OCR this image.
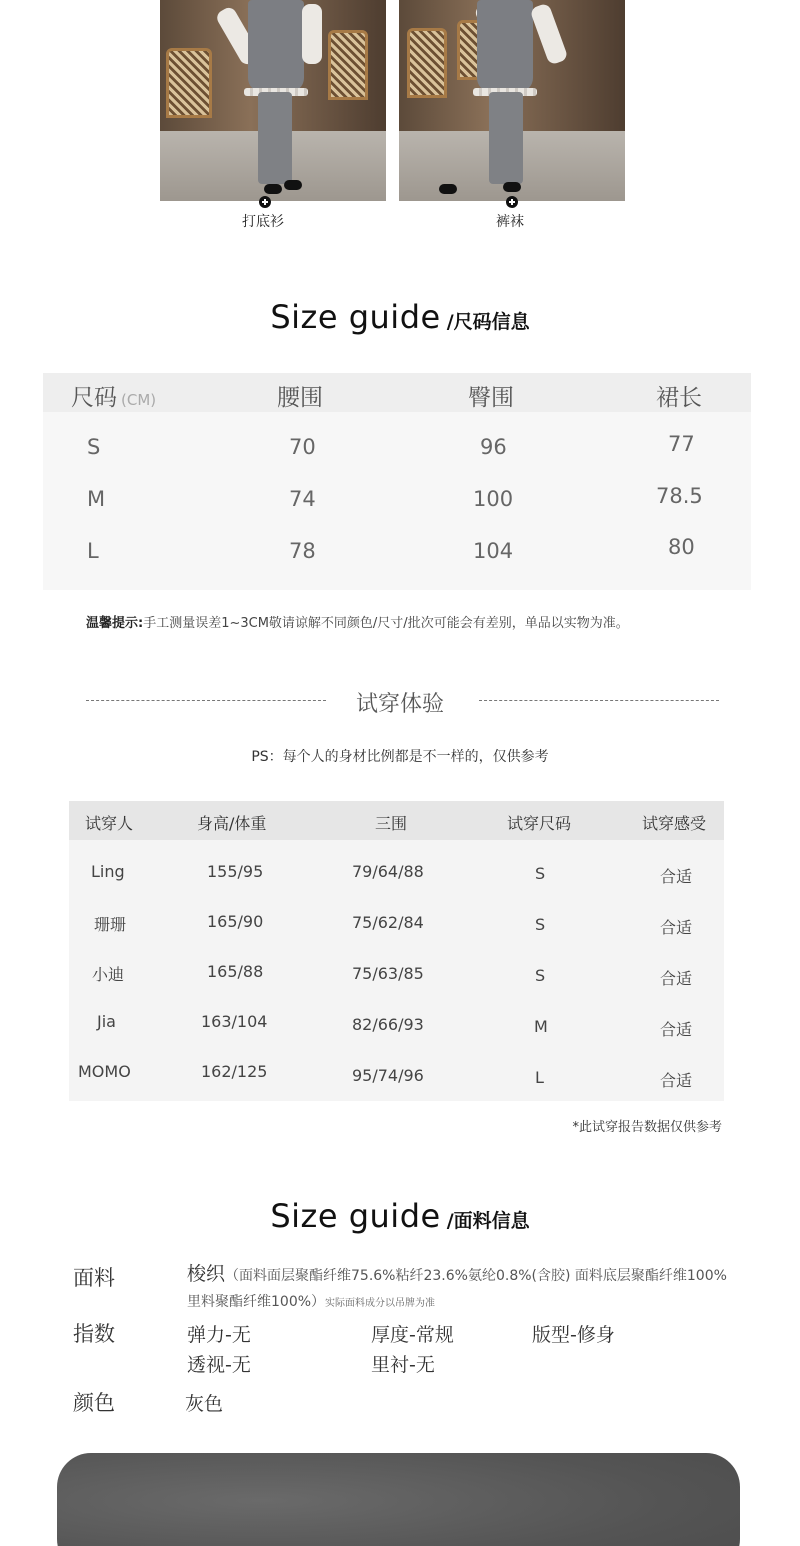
打底衫	裤袜
Size guide /尺码信息
尺码 (CM)	腰围	臀围	裙长
S	70	96	77
M	74	100	78.5
L	78	104	80
温馨提示:手工测量误差1~3CM敬请谅解不同颜色/尺寸/批次可能会有差别，单品以实物为准。
试穿体验
PS：每个人的身材比例都是不一样的，仅供参考
试穿人	身高/体重	三围	试穿尺码	试穿感受
Ling	155/95	79/64/88	S	合适
珊珊	165/90	75/62/84	S	合适
小迪	165/88	75/63/85	S	合适
Jia	163/104	82/66/93	M	合适
MOMO	162/125	95/74/96	L	合适
*此试穿报告数据仅供参考
Size guide /面料信息
面料	梭织（面料面层聚酯纤维75.6%粘纤23.6%氨纶0.8%(含胶) 面料底层聚酯纤维100% 里料聚酯纤维100%）实际面料成分以吊牌为准
指数	弹力-无	厚度-常规	版型-修身
透视-无	里衬-无
颜色	灰色
